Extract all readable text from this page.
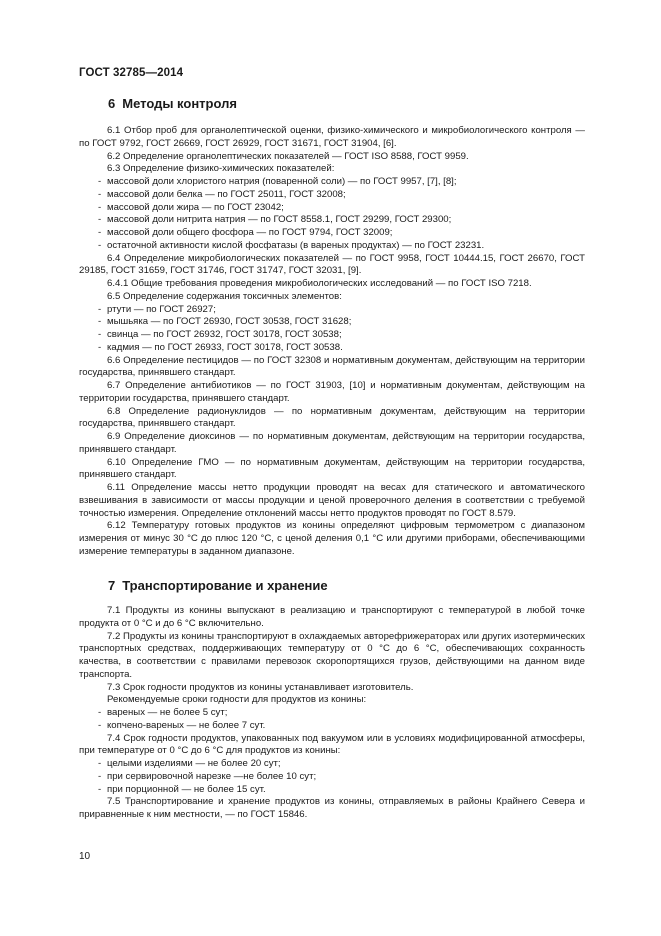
ГОСТ 32785—2014
6 Методы контроля

6.1 Отбор проб для органолептической оценки, физико-химического и микробиологического контроля — по ГОСТ 9792, ГОСТ 26669, ГОСТ 26929, ГОСТ 31671, ГОСТ 31904, [6].

6.2 Определение органолептических показателей — ГОСТ ISO 8588, ГОСТ 9959.

6.3 Определение физико-химических показателей:

- массовой доли хлористого натрия (поваренной соли) — по ГОСТ 9957, [7], [8];

- массовой доли белка — по ГОСТ 25011, ГОСТ 32008;

- массовой доли жира — по ГОСТ 23042;

- массовой доли нитрита натрия — по ГОСТ 8558.1, ГОСТ 29299, ГОСТ 29300;

- массовой доли общего фосфора — по ГОСТ 9794, ГОСТ 32009;

- остаточной активности кислой фосфатазы (в вареных продуктах) — по ГОСТ 23231.

6.4 Определение микробиологических показателей — по ГОСТ 9958, ГОСТ 10444.15, ГОСТ 26670, ГОСТ 29185, ГОСТ 31659, ГОСТ 31746, ГОСТ 31747, ГОСТ 32031, [9].

6.4.1 Общие требования проведения микробиологических исследований — по ГОСТ ISO 7218.

6.5 Определение содержания токсичных элементов:

- ртути — по ГОСТ 26927;

- мышьяка — по ГОСТ 26930, ГОСТ 30538, ГОСТ 31628;

- свинца — по ГОСТ 26932, ГОСТ 30178, ГОСТ 30538;

- кадмия — по ГОСТ 26933, ГОСТ 30178, ГОСТ 30538.

6.6 Определение пестицидов — по ГОСТ 32308 и нормативным документам, действующим на территории государства, принявшего стандарт.

6.7 Определение антибиотиков — по ГОСТ 31903, [10] и нормативным документам, действующим на территории государства, принявшего стандарт.

6.8 Определение радионуклидов — по нормативным документам, действующим на территории государства, принявшего стандарт.

6.9 Определение диоксинов — по нормативным документам, действующим на территории государства, принявшего стандарт.

6.10 Определение ГМО — по нормативным документам, действующим на территории государства, принявшего стандарт.

6.11 Определение массы нетто продукции проводят на весах для статического и автоматического взвешивания в зависимости от массы продукции и ценой проверочного деления в соответствии с требуемой точностью измерения. Определение отклонений массы нетто продуктов проводят по ГОСТ 8.579.

6.12 Температуру готовых продуктов из конины определяют цифровым термометром с диапазоном измерения от минус 30 °С до плюс 120 °С, с ценой деления 0,1 °С или другими приборами, обеспечивающими измерение температуры в заданном диапазоне.

7 Транспортирование и хранение

7.1 Продукты из конины выпускают в реализацию и транспортируют с температурой в любой точке продукта от 0 °С и до 6 °С включительно.

7.2 Продукты из конины транспортируют в охлаждаемых авторефрижераторах или других изотермических транспортных средствах, поддерживающих температуру от 0 °С до 6 °С, обеспечивающих сохранность качества, в соответствии с правилами перевозок скоропортящихся грузов, действующими на данном виде транспорта.

7.3 Срок годности продуктов из конины устанавливает изготовитель.

Рекомендуемые сроки годности для продуктов из конины:

- вареных — не более 5 сут;

- копчено-вареных — не более 7 сут.

7.4 Срок годности продуктов, упакованных под вакуумом или в условиях модифицированной атмосферы, при температуре от 0 °С до 6 °С для продуктов из конины:

- целыми изделиями — не более 20 сут;

- при сервировочной нарезке —не более 10 сут;

- при порционной — не более 15 сут.

7.5 Транспортирование и хранение продуктов из конины, отправляемых в районы Крайнего Севера и приравненные к ним местности, — по ГОСТ 15846.

10
